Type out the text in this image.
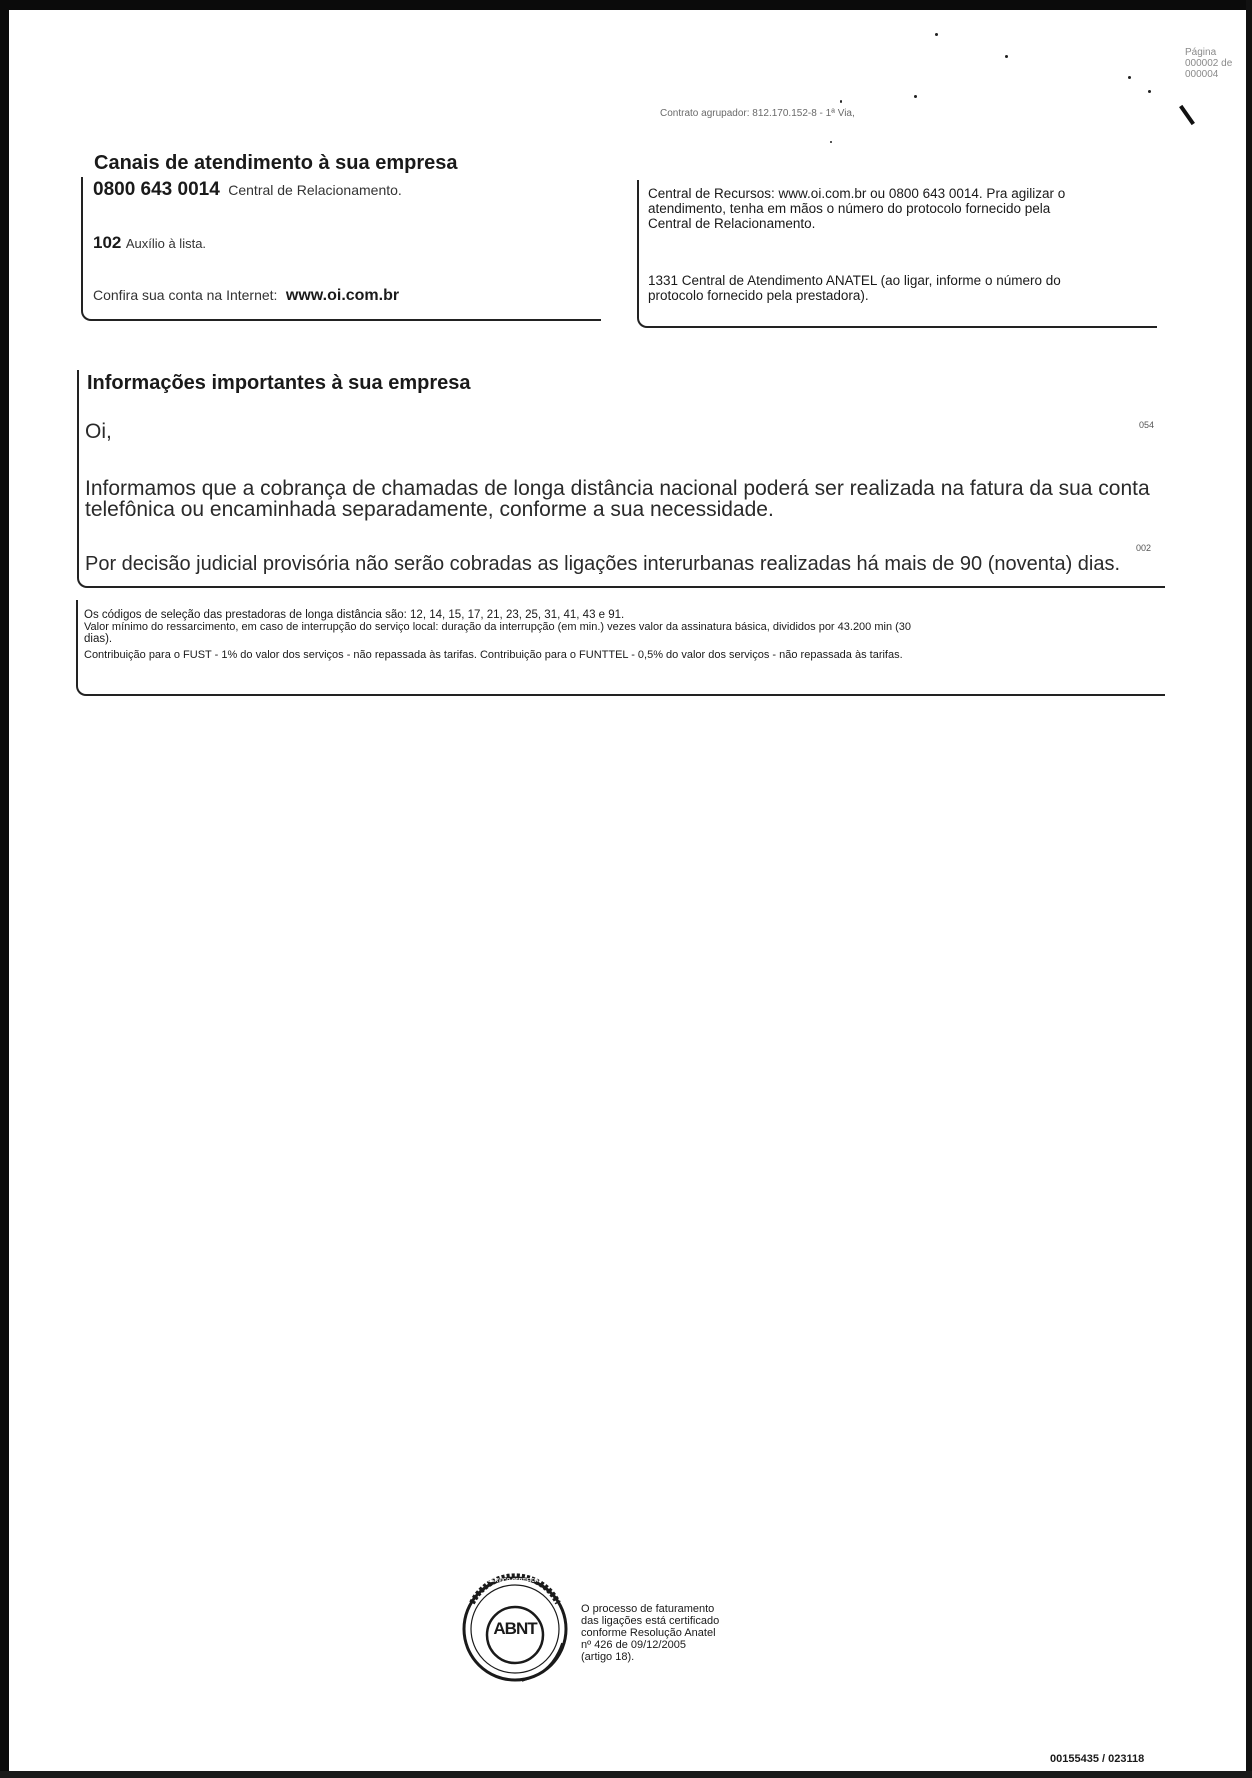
Página
000002 de
000004
Contrato agrupador: 812.170.152-8 - 1ª Via,
Canais de atendimento à sua empresa
0800 643 0014 Central de Relacionamento.
102 Auxílio à lista.
Confira sua conta na Internet: www.oi.com.br
Central de Recursos: www.oi.com.br ou 0800 643 0014. Pra agilizar o
atendimento, tenha em mãos o número do protocolo fornecido pela
Central de Relacionamento.
1331 Central de Atendimento ANATEL (ao ligar, informe o número do
protocolo fornecido pela prestadora).
Informações importantes à sua empresa
Oi,	054
Informamos que a cobrança de chamadas de longa distância nacional poderá ser realizada na fatura da sua conta
telefônica ou encaminhada separadamente, conforme a sua necessidade.
002
Por decisão judicial provisória não serão cobradas as ligações interurbanas realizadas há mais de 90 (noventa) dias.
Os códigos de seleção das prestadoras de longa distância são: 12, 14, 15, 17, 21, 23, 25, 31, 41, 43 e 91.
Valor mínimo do ressarcimento, em caso de interrupção do serviço local: duração da interrupção (em min.) vezes valor da assinatura básica, divididos por 43.200 min (30
dias).
Contribuição para o FUST - 1% do valor dos serviços - não repassada às tarifas. Contribuição para o FUNTTEL - 0,5% do valor dos serviços - não repassada às tarifas.
ABNT
SERVIÇO CERTIFICADO
O processo de faturamento
das ligações está certificado
conforme Resolução Anatel
nº 426 de 09/12/2005
(artigo 18).
00155435 / 023118
